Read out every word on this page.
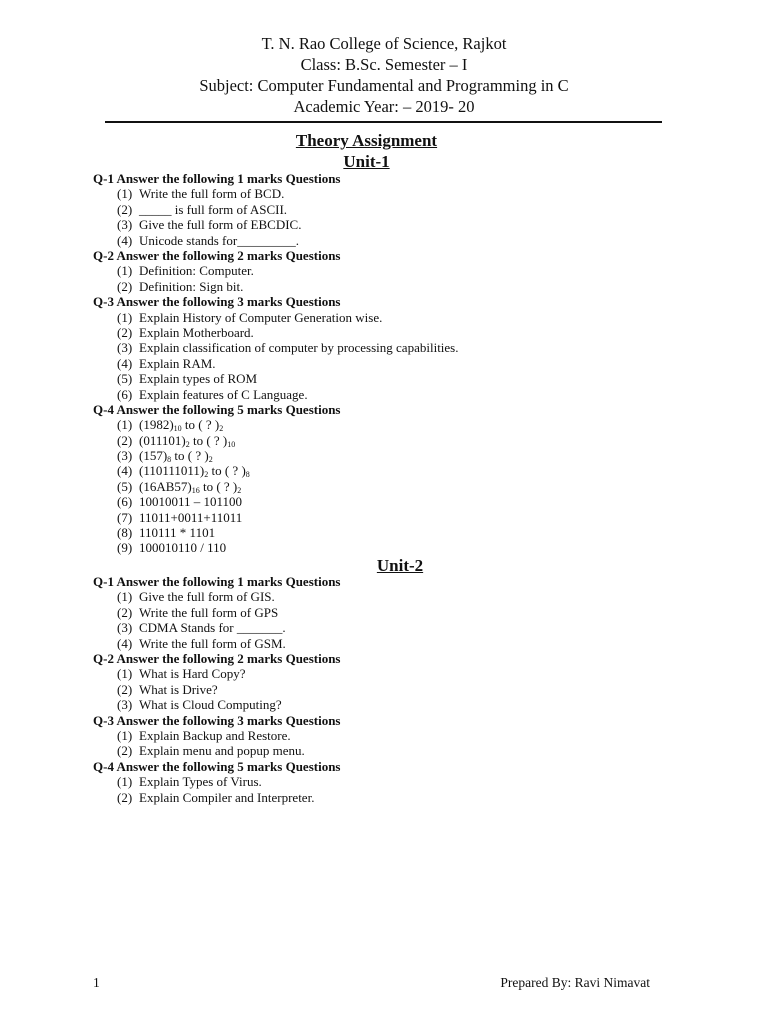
T. N. Rao College of Science, Rajkot
Class: B.Sc. Semester – I
Subject: Computer Fundamental and Programming in C
Academic Year: – 2019- 20
Theory Assignment
Unit-1
Q-1 Answer the following 1 marks Questions
(1) Write the full form of BCD.
(2) _____ is full form of ASCII.
(3) Give the full form of EBCDIC.
(4) Unicode stands for_________.
Q-2 Answer the following 2 marks Questions
(1) Definition: Computer.
(2) Definition: Sign bit.
Q-3 Answer the following 3 marks Questions
(1) Explain History of Computer Generation wise.
(2) Explain Motherboard.
(3) Explain classification of computer by processing capabilities.
(4) Explain RAM.
(5) Explain types of ROM
(6) Explain features of C Language.
Q-4 Answer the following 5 marks Questions
(1) $(1982)_{10}$ to ( ? )$_2$
(2) $(011101)_2$ to ( ? )$_{10}$
(3) $(157)_8$ to ( ? )$_2$
(4) $(110111011)_2$ to ( ? )$_8$
(5) $(16AB57)_{16}$ to ( ? )$_2$
(6) 10010011 – 101100
(7) 11011+0011+11011
(8) 110111 * 1101
(9) 100010110 / 110
Unit-2
Q-1 Answer the following 1 marks Questions
(1) Give the full form of GIS.
(2) Write the full form of GPS
(3) CDMA Stands for _______.
(4) Write the full form of GSM.
Q-2 Answer the following 2 marks Questions
(1) What is Hard Copy?
(2) What is Drive?
(3) What is Cloud Computing?
Q-3 Answer the following 3 marks Questions
(1) Explain Backup and Restore.
(2) Explain menu and popup menu.
Q-4 Answer the following 5 marks Questions
(1) Explain Types of Virus.
(2) Explain Compiler and Interpreter.
1	Prepared By: Ravi Nimavat
